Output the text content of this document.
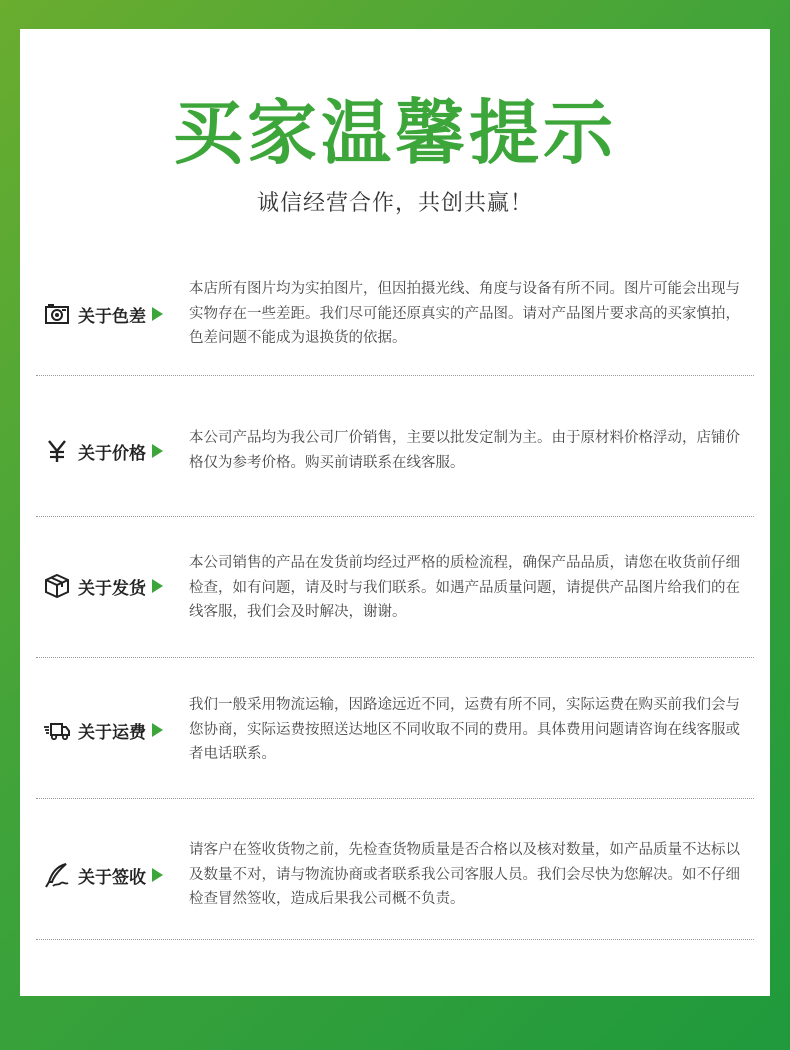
买家温馨提示
诚信经营合作，共创共赢！
关于色差
本店所有图片均为实拍图片，但因拍摄光线、角度与设备有所不同。图片可能会出现与实物存在一些差距。我们尽可能还原真实的产品图。请对产品图片要求高的买家慎拍，色差问题不能成为退换货的依据。
关于价格
本公司产品均为我公司厂价销售，主要以批发定制为主。由于原材料价格浮动，店铺价格仅为参考价格。购买前请联系在线客服。
关于发货
本公司销售的产品在发货前均经过严格的质检流程，确保产品品质，请您在收货前仔细检查，如有问题，请及时与我们联系。如遇产品质量问题，请提供产品图片给我们的在线客服，我们会及时解决，谢谢。
关于运费
我们一般采用物流运输，因路途远近不同，运费有所不同，实际运费在购买前我们会与您协商，实际运费按照送达地区不同收取不同的费用。具体费用问题请咨询在线客服或者电话联系。
关于签收
请客户在签收货物之前，先检查货物质量是否合格以及核对数量，如产品质量不达标以及数量不对，请与物流协商或者联系我公司客服人员。我们会尽快为您解决。如不仔细检查冒然签收，造成后果我公司概不负责。
